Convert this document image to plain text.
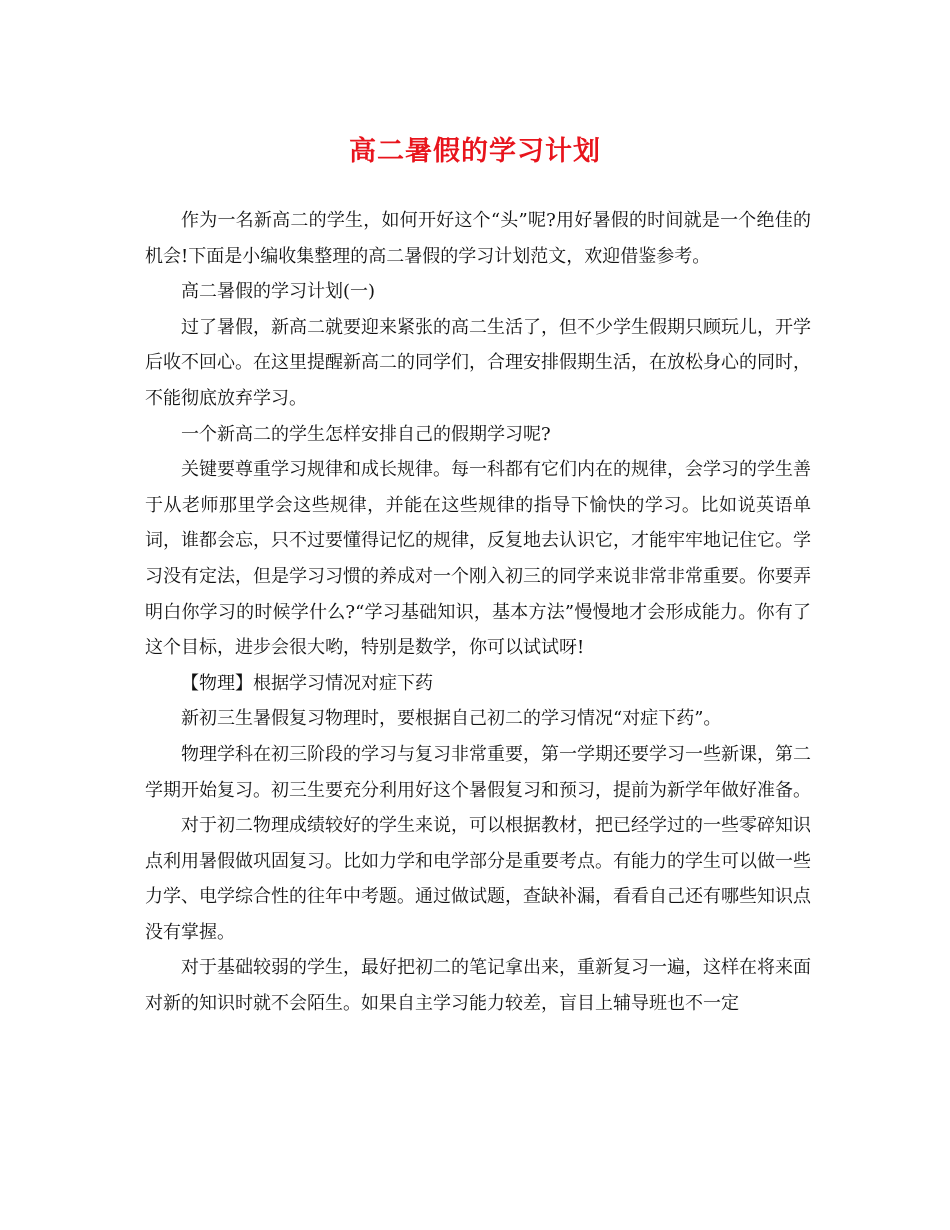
高二暑假的学习计划

作为一名新高二的学生，如何开好这个“头”呢?用好暑假的时间就是一个绝佳的机会!下面是小编收集整理的高二暑假的学习计划范文，欢迎借鉴参考。

高二暑假的学习计划(一)

过了暑假，新高二就要迎来紧张的高二生活了，但不少学生假期只顾玩儿，开学后收不回心。在这里提醒新高二的同学们，合理安排假期生活，在放松身心的同时，不能彻底放弃学习。

一个新高二的学生怎样安排自己的假期学习呢?

关键要尊重学习规律和成长规律。每一科都有它们内在的规律，会学习的学生善于从老师那里学会这些规律，并能在这些规律的指导下愉快的学习。比如说英语单词，谁都会忘，只不过要懂得记忆的规律，反复地去认识它，才能牢牢地记住它。学习没有定法，但是学习习惯的养成对一个刚入初三的同学来说非常非常重要。你要弄 明白你学习的时候学什么?“学习基础知识，基本方法”慢慢地才会形成能力。你有了这个目标，进步会很大哟，特别是数学，你可以试试呀!

【物理】根据学习情况对症下药

新初三生暑假复习物理时，要根据自己初二的学习情况“对症下药”。

物理学科在初三阶段的学习与复习非常重要，第一学期还要学习一些新课，第二学期开始复习。初三生要充分利用好这个暑假复习和预习，提前为新学年做好准备。

对于初二物理成绩较好的学生来说，可以根据教材，把已经学过的一些零碎知识点利用暑假做巩固复习。比如力学和电学部分是重要考点。有能力的学生可以做一些力学、电学综合性的往年中考题。通过做试题，查缺补漏，看看自己还有哪些知识点没有掌握。

对于基础较弱的学生，最好把初二的笔记拿出来，重新复习一遍，这样在将来面对新的知识时就不会陌生。如果自主学习能力较差，盲目上辅导班也不一定
